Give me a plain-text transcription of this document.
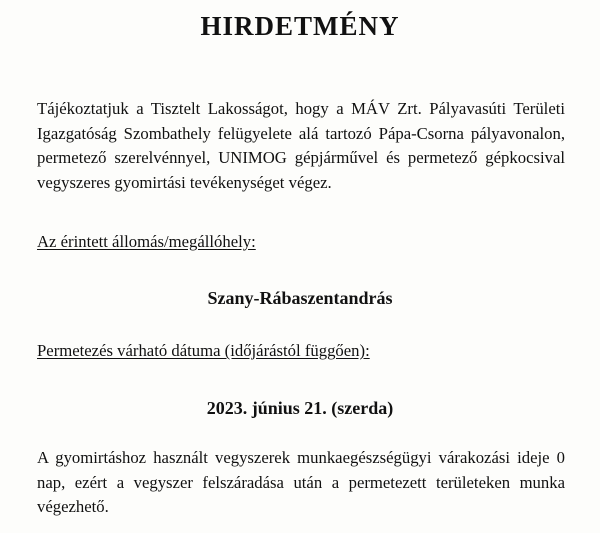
HIRDETMÉNY

Tájékoztatjuk a Tisztelt Lakosságot, hogy a MÁV Zrt. Pályavasúti Területi Igazgatóság Szombathely felügyelete alá tartozó Pápa-Csorna pályavonalon, permetező szerelvénnyel, UNIMOG gépjárművel és permetező gépkocsival vegyszeres gyomirtási tevékenységet végez.

Az érintett állomás/megállóhely:

Szany-Rábaszentandrás

Permetezés várható dátuma (időjárástól függően):

2023. június 21. (szerda)

A gyomirtáshoz használt vegyszerek munkaegészségügyi várakozási ideje 0 nap, ezért a vegyszer felszáradása után a permetezett területeken munka végezhető.
